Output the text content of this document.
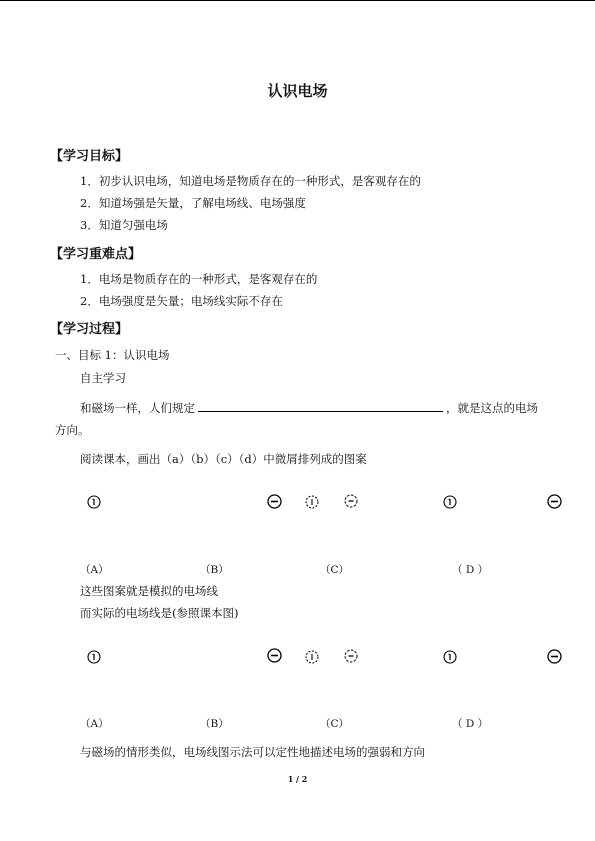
认识电场
【学习目标】
1．初步认识电场，知道电场是物质存在的一种形式，是客观存在的
2．知道场强是矢量，了解电场线、电场强度
3．知道匀强电场
【学习重难点】
1．电场是物质存在的一种形式，是客观存在的
2．电场强度是矢量；电场线实际不存在
【学习过程】
一、目标 1：认识电场
自主学习
和磁场一样，人们规定	，就是这点的电场
方向。
阅读课本，画出（a）（b）（c）（d）中微屑排列成的图案
（A）	（B）	（C）	（ D ）
这些图案就是模拟的电场线
而实际的电场线是(参照课本图)
（A）	（B）	（C）	（ D ）
与磁场的情形类似，电场线图示法可以定性地描述电场的强弱和方向
1 / 2
